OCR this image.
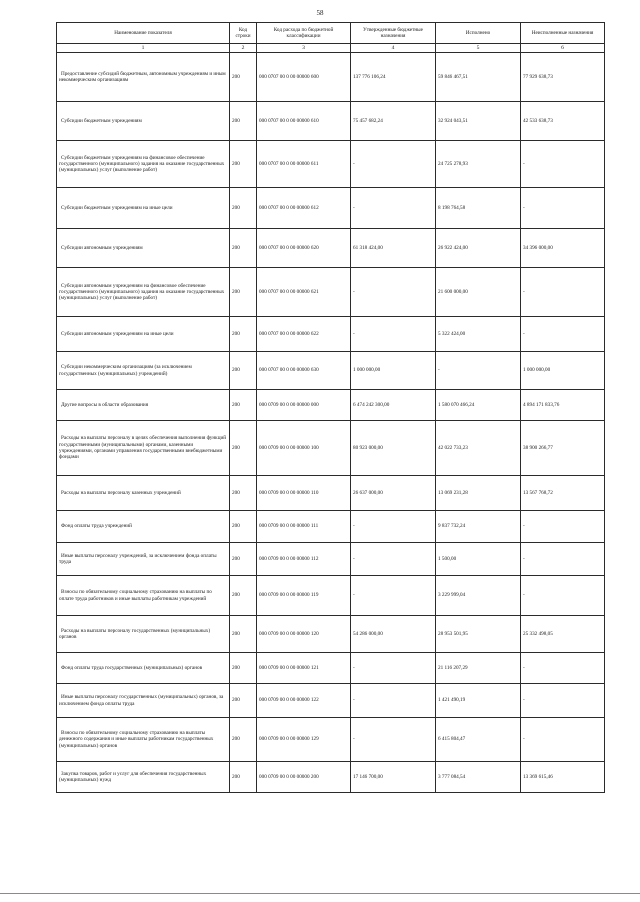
58
Наименование показателя	Код строки	Код расхода по бюджетной классификации	Утвержденные бюджетные назначения	Исполнено	Неисполненные назначения
1	2	3	4	5	6
Предоставление субсидий бюджетным, автономным учреждениям и иным некоммерческим организациям	200	000 0707 00 0 00 00000 600	137 776 106,24	59 846 467,51	77 929 638,73
Субсидии бюджетным учреждениям	200	000 0707 00 0 00 00000 610	75 457 682,24	32 924 043,51	42 533 638,73
Субсидии бюджетным учреждениям на финансовое обеспечение государственного (муниципального) задания на оказание государственных (муниципальных) услуг (выполнение работ)	200	000 0707 00 0 00 00000 611	-	24 725 278,93	-
Субсидии бюджетным учреждениям на иные цели	200	000 0707 00 0 00 00000 612	-	8 198 764,58	-
Субсидии автономным учреждениям	200	000 0707 00 0 00 00000 620	61 318 424,00	26 922 424,00	34 396 000,00
Субсидии автономным учреждениям на финансовое обеспечение государственного (муниципального) задания на оказание государственных (муниципальных) услуг (выполнение работ)	200	000 0707 00 0 00 00000 621	-	21 600 000,00	-
Субсидии автономным учреждениям на иные цели	200	000 0707 00 0 00 00000 622	-	5 322 424,00	-
Субсидии некоммерческим организациям (за исключением государственных (муниципальных) учреждений)	200	000 0707 00 0 00 00000 630	1 000 000,00	-	1 000 000,00
Другие вопросы в области образования	200	000 0709 00 0 00 00000 000	6 474 242 300,00	1 580 070 466,24	4 894 171 833,76
Расходы на выплаты персоналу в целях обеспечения выполнения функций государственными (муниципальными) органами, казенными учреждениями, органами управления государственными внебюджетными фондами	200	000 0709 00 0 00 00000 100	80 923 000,00	42 022 733,23	38 900 266,77
Расходы на выплаты персоналу казенных учреждений	200	000 0709 00 0 00 00000 110	26 637 000,00	13 069 231,28	13 567 768,72
Фонд оплаты труда учреждений	200	000 0709 00 0 00 00000 111	-	9 837 732,24	-
Иные выплаты персоналу учреждений, за исключением фонда оплаты труда	200	000 0709 00 0 00 00000 112	-	1 500,00	-
Взносы по обязательному социальному страхованию на выплаты по оплате труда работников и иные выплаты работникам учреждений	200	000 0709 00 0 00 00000 119	-	3 229 999,04	-
Расходы на выплаты персоналу государственных (муниципальных) органов	200	000 0709 00 0 00 00000 120	54 286 000,00	28 953 501,95	25 332 498,05
Фонд оплаты труда государственных (муниципальных) органов	200	000 0709 00 0 00 00000 121	-	21 116 207,29	-
Иные выплаты персоналу государственных (муниципальных) органов, за исключением фонда оплаты труда	200	000 0709 00 0 00 00000 122	-	1 421 490,19	-
Взносы по обязательному социальному страхованию на выплаты денежного содержания и иные выплаты работникам государственных (муниципальных) органов	200	000 0709 00 0 00 00000 129	-	6 415 804,47	-
Закупка товаров, работ и услуг для обеспечения государственных (муниципальных) нужд	200	000 0709 00 0 00 00000 200	17 146 700,00	3 777 084,54	13 369 615,46
